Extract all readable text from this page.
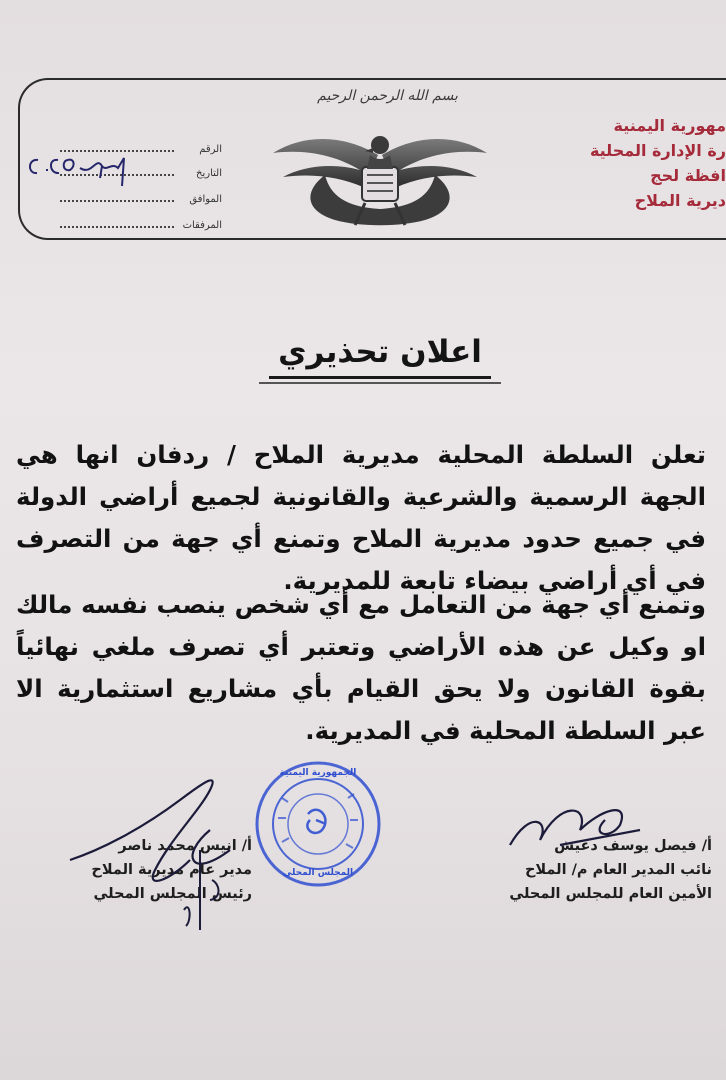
بسم الله الرحمن الرحيم
مهورية اليمنية
رة الإدارة المحلية
افظة لحج
ديرية الملاح
الرقم
التاريخ
الموافق
المرفقات
اعلان تحذيري
تعلن السلطة المحلية مديرية الملاح / ردفان انها هي الجهة الرسمية والشرعية والقانونية لجميع أراضي الدولة في جميع حدود مديرية الملاح وتمنع أي جهة من التصرف في أي أراضي بيضاء تابعة للمديرية.
وتمنع أي جهة من التعامل مع أي شخص ينصب نفسه مالك او وكيل عن هذه الأراضي وتعتبر أي تصرف ملغي نهائياً بقوة القانون ولا يحق القيام بأي مشاريع استثمارية الا عبر السلطة المحلية في المديرية.
الجمهورية اليمنية
المجلس المحلي
أ/ انيس محمد ناصر
مدير عام مديرية الملاح
رئيس المجلس المحلي
أ/ فيصل يوسف دعيش
نائب المدير العام م/ الملاح
الأمين العام للمجلس المحلي
